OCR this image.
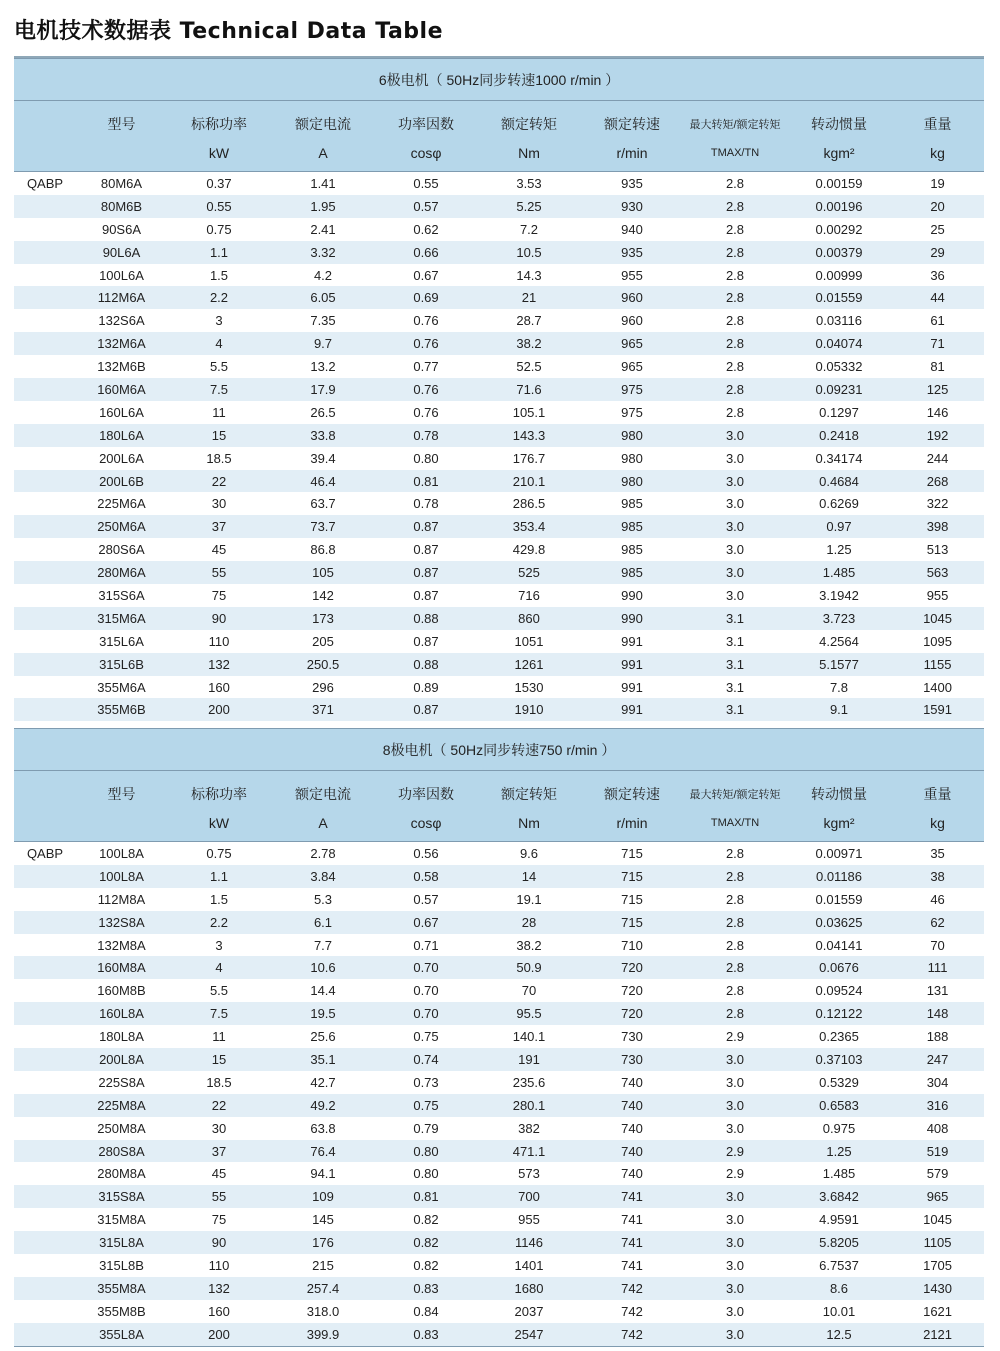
电机技术数据表 Technical Data Table
6极电机（ 50Hz同步转速1000 r/min ）									
	型号	标称功率	额定电流	功率因数	额定转矩	额定转速	最大转矩/额定转矩	转动惯量	重量
		kW	A	cosφ	Nm	r/min	TMAX/TN	kgm²	kg
QABP	80M6A	0.37	1.41	0.55	3.53	935	2.8	0.00159	19
	80M6B	0.55	1.95	0.57	5.25	930	2.8	0.00196	20
	90S6A	0.75	2.41	0.62	7.2	940	2.8	0.00292	25
	90L6A	1.1	3.32	0.66	10.5	935	2.8	0.00379	29
	100L6A	1.5	4.2	0.67	14.3	955	2.8	0.00999	36
	112M6A	2.2	6.05	0.69	21	960	2.8	0.01559	44
	132S6A	3	7.35	0.76	28.7	960	2.8	0.03116	61
	132M6A	4	9.7	0.76	38.2	965	2.8	0.04074	71
	132M6B	5.5	13.2	0.77	52.5	965	2.8	0.05332	81
	160M6A	7.5	17.9	0.76	71.6	975	2.8	0.09231	125
	160L6A	11	26.5	0.76	105.1	975	2.8	0.1297	146
	180L6A	15	33.8	0.78	143.3	980	3.0	0.2418	192
	200L6A	18.5	39.4	0.80	176.7	980	3.0	0.34174	244
	200L6B	22	46.4	0.81	210.1	980	3.0	0.4684	268
	225M6A	30	63.7	0.78	286.5	985	3.0	0.6269	322
	250M6A	37	73.7	0.87	353.4	985	3.0	0.97	398
	280S6A	45	86.8	0.87	429.8	985	3.0	1.25	513
	280M6A	55	105	0.87	525	985	3.0	1.485	563
	315S6A	75	142	0.87	716	990	3.0	3.1942	955
	315M6A	90	173	0.88	860	990	3.1	3.723	1045
	315L6A	110	205	0.87	1051	991	3.1	4.2564	1095
	315L6B	132	250.5	0.88	1261	991	3.1	5.1577	1155
	355M6A	160	296	0.89	1530	991	3.1	7.8	1400
	355M6B	200	371	0.87	1910	991	3.1	9.1	1591

8极电机（ 50Hz同步转速750 r/min ）									
	型号	标称功率	额定电流	功率因数	额定转矩	额定转速	最大转矩/额定转矩	转动惯量	重量
		kW	A	cosφ	Nm	r/min	TMAX/TN	kgm²	kg
QABP	100L8A	0.75	2.78	0.56	9.6	715	2.8	0.00971	35
	100L8A	1.1	3.84	0.58	14	715	2.8	0.01186	38
	112M8A	1.5	5.3	0.57	19.1	715	2.8	0.01559	46
	132S8A	2.2	6.1	0.67	28	715	2.8	0.03625	62
	132M8A	3	7.7	0.71	38.2	710	2.8	0.04141	70
	160M8A	4	10.6	0.70	50.9	720	2.8	0.0676	111
	160M8B	5.5	14.4	0.70	70	720	2.8	0.09524	131
	160L8A	7.5	19.5	0.70	95.5	720	2.8	0.12122	148
	180L8A	11	25.6	0.75	140.1	730	2.9	0.2365	188
	200L8A	15	35.1	0.74	191	730	3.0	0.37103	247
	225S8A	18.5	42.7	0.73	235.6	740	3.0	0.5329	304
	225M8A	22	49.2	0.75	280.1	740	3.0	0.6583	316
	250M8A	30	63.8	0.79	382	740	3.0	0.975	408
	280S8A	37	76.4	0.80	471.1	740	2.9	1.25	519
	280M8A	45	94.1	0.80	573	740	2.9	1.485	579
	315S8A	55	109	0.81	700	741	3.0	3.6842	965
	315M8A	75	145	0.82	955	741	3.0	4.9591	1045
	315L8A	90	176	0.82	1146	741	3.0	5.8205	1105
	315L8B	110	215	0.82	1401	741	3.0	6.7537	1705
	355M8A	132	257.4	0.83	1680	742	3.0	8.6	1430
	355M8B	160	318.0	0.84	2037	742	3.0	10.01	1621
	355L8A	200	399.9	0.83	2547	742	3.0	12.5	2121
